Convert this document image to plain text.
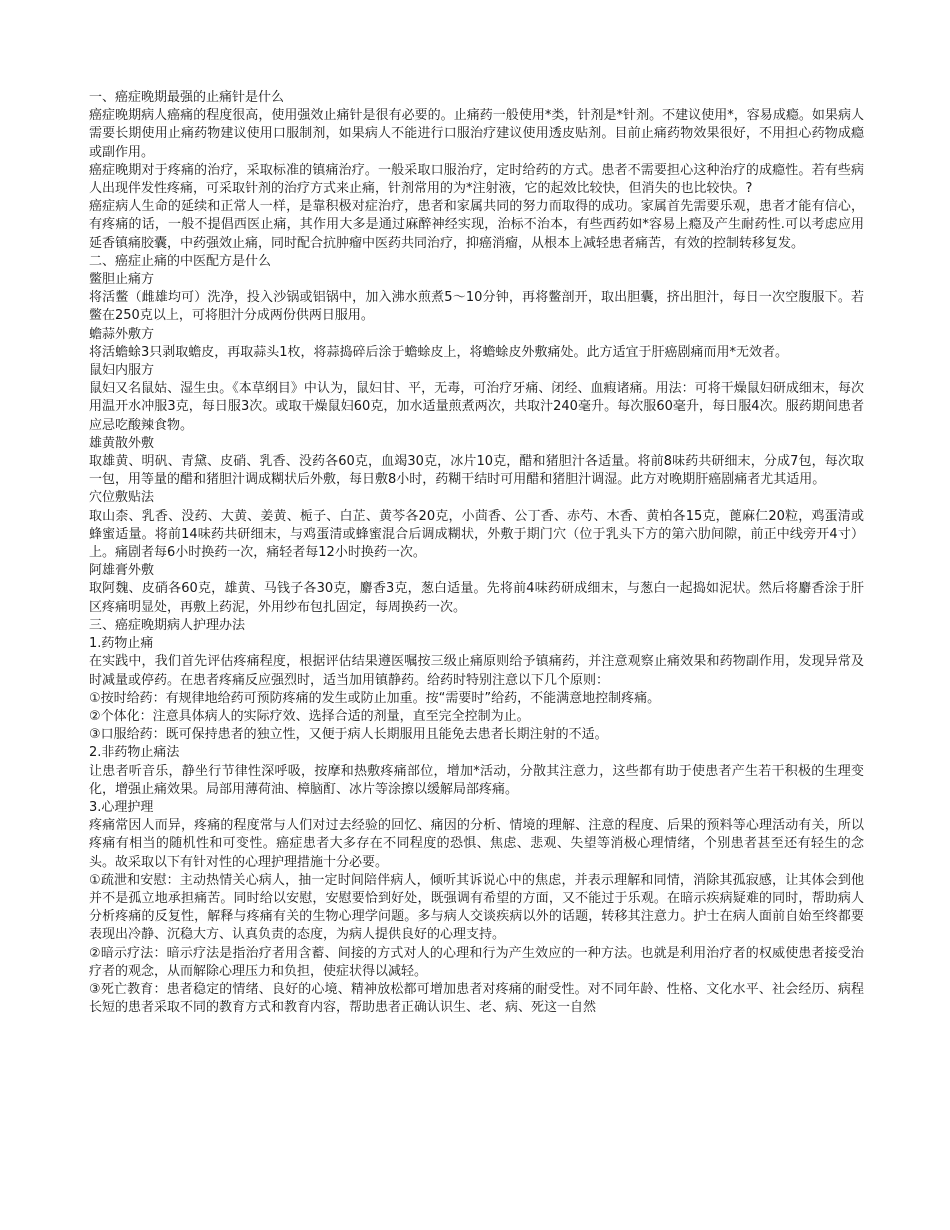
一、癌症晚期最强的止痛针是什么

癌症晚期病人癌痛的程度很高，使用强效止痛针是很有必要的。止痛药一般使用*类，针剂是*针剂。不建议使用*，容易成瘾。如果病人需要长期使用止痛药物建议使用口服制剂，如果病人不能进行口服治疗建议使用透皮贴剂。目前止痛药物效果很好，不用担心药物成瘾或副作用。

癌症晚期对于疼痛的治疗，采取标准的镇痛治疗。一般采取口服治疗，定时给药的方式。患者不需要担心这种治疗的成瘾性。若有些病人出现伴发性疼痛，可采取针剂的治疗方式来止痛，针剂常用的为*注射液，它的起效比较快，但消失的也比较快。?

癌症病人生命的延续和正常人一样，是靠积极对症治疗，患者和家属共同的努力而取得的成功。家属首先需要乐观，患者才能有信心，有疼痛的话，一般不提倡西医止痛，其作用大多是通过麻醉神经实现，治标不治本，有些西药如*容易上瘾及产生耐药性.可以考虑应用延香镇痛胶囊，中药强效止痛，同时配合抗肿瘤中医药共同治疗，抑癌消瘤，从根本上减轻患者痛苦，有效的控制转移复发。

二、癌症止痛的中医配方是什么

鳖胆止痛方

将活鳖（雌雄均可）洗净，投入沙锅或铝锅中，加入沸水煎煮5～10分钟，再将鳖剖开，取出胆囊，挤出胆汁，每日一次空腹服下。若鳖在250克以上，可将胆汁分成两份供两日服用。

蟾蒜外敷方

将活蟾蜍3只剥取蟾皮，再取蒜头1枚，将蒜捣碎后涂于蟾蜍皮上，将蟾蜍皮外敷痛处。此方适宜于肝癌剧痛而用*无效者。

鼠妇内服方

鼠妇又名鼠姑、湿生虫。《本草纲目》中认为，鼠妇甘、平，无毒，可治疗牙痛、闭经、血瘕诸痛。用法：可将干燥鼠妇研成细末，每次用温开水冲服3克，每日服3次。或取干燥鼠妇60克，加水适量煎煮两次，共取汁240毫升。每次服60毫升，每日服4次。服药期间患者应忌吃酸辣食物。

雄黄散外敷

取雄黄、明矾、青黛、皮硝、乳香、没药各60克，血竭30克，冰片10克，醋和猪胆汁各适量。将前8味药共研细末，分成7包，每次取一包，用等量的醋和猪胆汁调成糊状后外敷，每日敷8小时，药糊干结时可用醋和猪胆汁调湿。此方对晚期肝癌剧痛者尤其适用。

穴位敷贴法

取山柰、乳香、没药、大黄、姜黄、栀子、白芷、黄芩各20克，小茴香、公丁香、赤芍、木香、黄柏各15克，蓖麻仁20粒，鸡蛋清或蜂蜜适量。将前14味药共研细末，与鸡蛋清或蜂蜜混合后调成糊状，外敷于期门穴（位于乳头下方的第六肋间隙，前正中线旁开4寸）上。痛剧者每6小时换药一次，痛轻者每12小时换药一次。

阿雄膏外敷

取阿魏、皮硝各60克，雄黄、马钱子各30克，麝香3克，葱白适量。先将前4味药研成细末，与葱白一起捣如泥状。然后将麝香涂于肝区疼痛明显处，再敷上药泥，外用纱布包扎固定，每周换药一次。

三、癌症晚期病人护理办法

1.药物止痛

在实践中，我们首先评估疼痛程度，根据评估结果遵医嘱按三级止痛原则给予镇痛药，并注意观察止痛效果和药物副作用，发现异常及时减量或停药。在患者疼痛反应强烈时，适当加用镇静药。给药时特别注意以下几个原则：

①按时给药：有规律地给药可预防疼痛的发生或防止加重。按“需要时”给药，不能满意地控制疼痛。

②个体化：注意具体病人的实际疗效、选择合适的剂量，直至完全控制为止。

③口服给药：既可保持患者的独立性，又便于病人长期服用且能免去患者长期注射的不适。

2.非药物止痛法

让患者听音乐，静坐行节律性深呼吸，按摩和热敷疼痛部位，增加*活动，分散其注意力，这些都有助于使患者产生若干积极的生理变化，增强止痛效果。局部用薄荷油、樟脑酊、冰片等涂擦以缓解局部疼痛。

3.心理护理

疼痛常因人而异，疼痛的程度常与人们对过去经验的回忆、痛因的分析、情境的理解、注意的程度、后果的预料等心理活动有关，所以疼痛有相当的随机性和可变性。癌症患者大多存在不同程度的恐惧、焦虑、悲观、失望等消极心理情绪，个别患者甚至还有轻生的念头。故采取以下有针对性的心理护理措施十分必要。

①疏泄和安慰：主动热情关心病人，抽一定时间陪伴病人，倾听其诉说心中的焦虑，并表示理解和同情，消除其孤寂感，让其体会到他并不是孤立地承担痛苦。同时给以安慰，安慰要恰到好处，既强调有希望的方面，又不能过于乐观。在暗示疾病疑难的同时，帮助病人分析疼痛的反复性，解释与疼痛有关的生物心理学问题。多与病人交谈疾病以外的话题，转移其注意力。护士在病人面前自始至终都要表现出冷静、沉稳大方、认真负责的态度，为病人提供良好的心理支持。

②暗示疗法：暗示疗法是指治疗者用含蓄、间接的方式对人的心理和行为产生效应的一种方法。也就是利用治疗者的权威使患者接受治疗者的观念，从而解除心理压力和负担，使症状得以减轻。

③死亡教育：患者稳定的情绪、良好的心境、精神放松都可增加患者对疼痛的耐受性。对不同年龄、性格、文化水平、社会经历、病程长短的患者采取不同的教育方式和教育内容，帮助患者正确认识生、老、病、死这一自然
